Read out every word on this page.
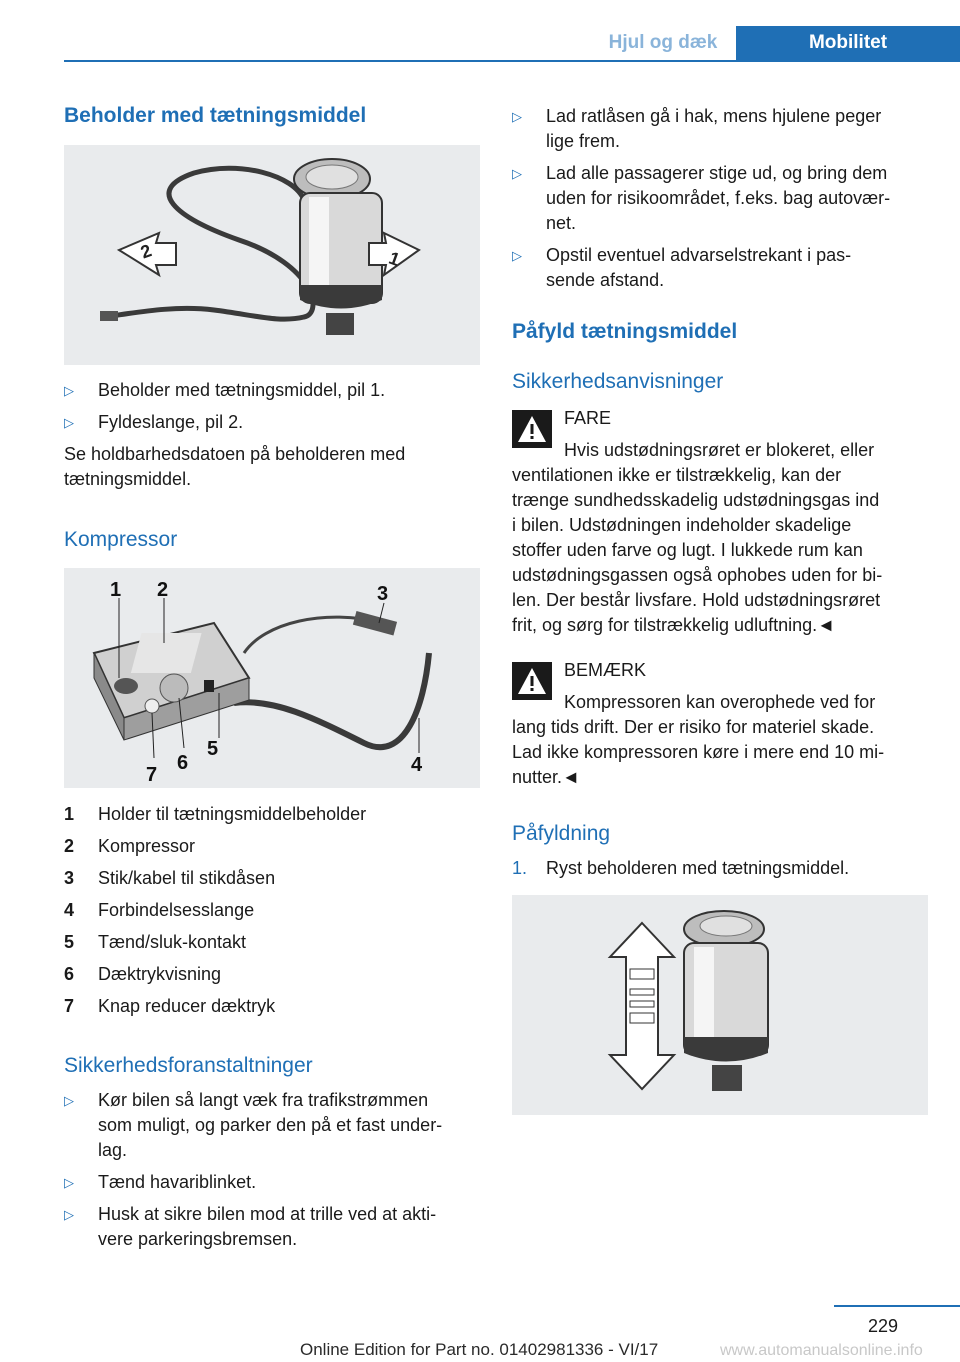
Hjul og dæk	Mobilitet
Beholder med tætningsmiddel
2	1
▷ Beholder med tætningsmiddel, pil 1.
▷ Fyldeslange, pil 2.
Se holdbarhedsdatoen på beholderen med
tætningsmiddel.
Kompressor
1 2	3
4
5
6
7
1 Holder til tætningsmiddelbeholder
2 Kompressor
3 Stik/kabel til stikdåsen
4 Forbindelsesslange
5 Tænd/sluk-kontakt
6 Dæktrykvisning
7 Knap reducer dæktryk
Sikkerhedsforanstaltninger
▷ Kør bilen så langt væk fra trafikstrømmen
som muligt, og parker den på et fast under-
lag.
▷ Tænd havariblinket.
▷ Husk at sikre bilen mod at trille ved at akti-
vere parkeringsbremsen.
▷ Lad ratlåsen gå i hak, mens hjulene peger
lige frem.
▷ Lad alle passagerer stige ud, og bring dem
uden for risikoområdet, f.eks. bag autovær-
net.
▷ Opstil eventuel advarselstrekant i pas-
sende afstand.
Påfyld tætningsmiddel
Sikkerhedsanvisninger
FARE
Hvis udstødningsrøret er blokeret, eller
ventilationen ikke er tilstrækkelig, kan der
trænge sundhedsskadelig udstødningsgas ind
i bilen. Udstødningen indeholder skadelige
stoffer uden farve og lugt. I lukkede rum kan
udstødningsgassen også ophobes uden for bi-
len. Der består livsfare. Hold udstødningsrøret
frit, og sørg for tilstrækkelig udluftning.◄
BEMÆRK
Kompressoren kan overophede ved for
lang tids drift. Der er risiko for materiel skade.
Lad ikke kompressoren køre i mere end 10 mi-
nutter.◄
Påfyldning
1. Ryst beholderen med tætningsmiddel.
229
Online Edition for Part no. 01402981336 - VI/17	www.automanualsonline.info
